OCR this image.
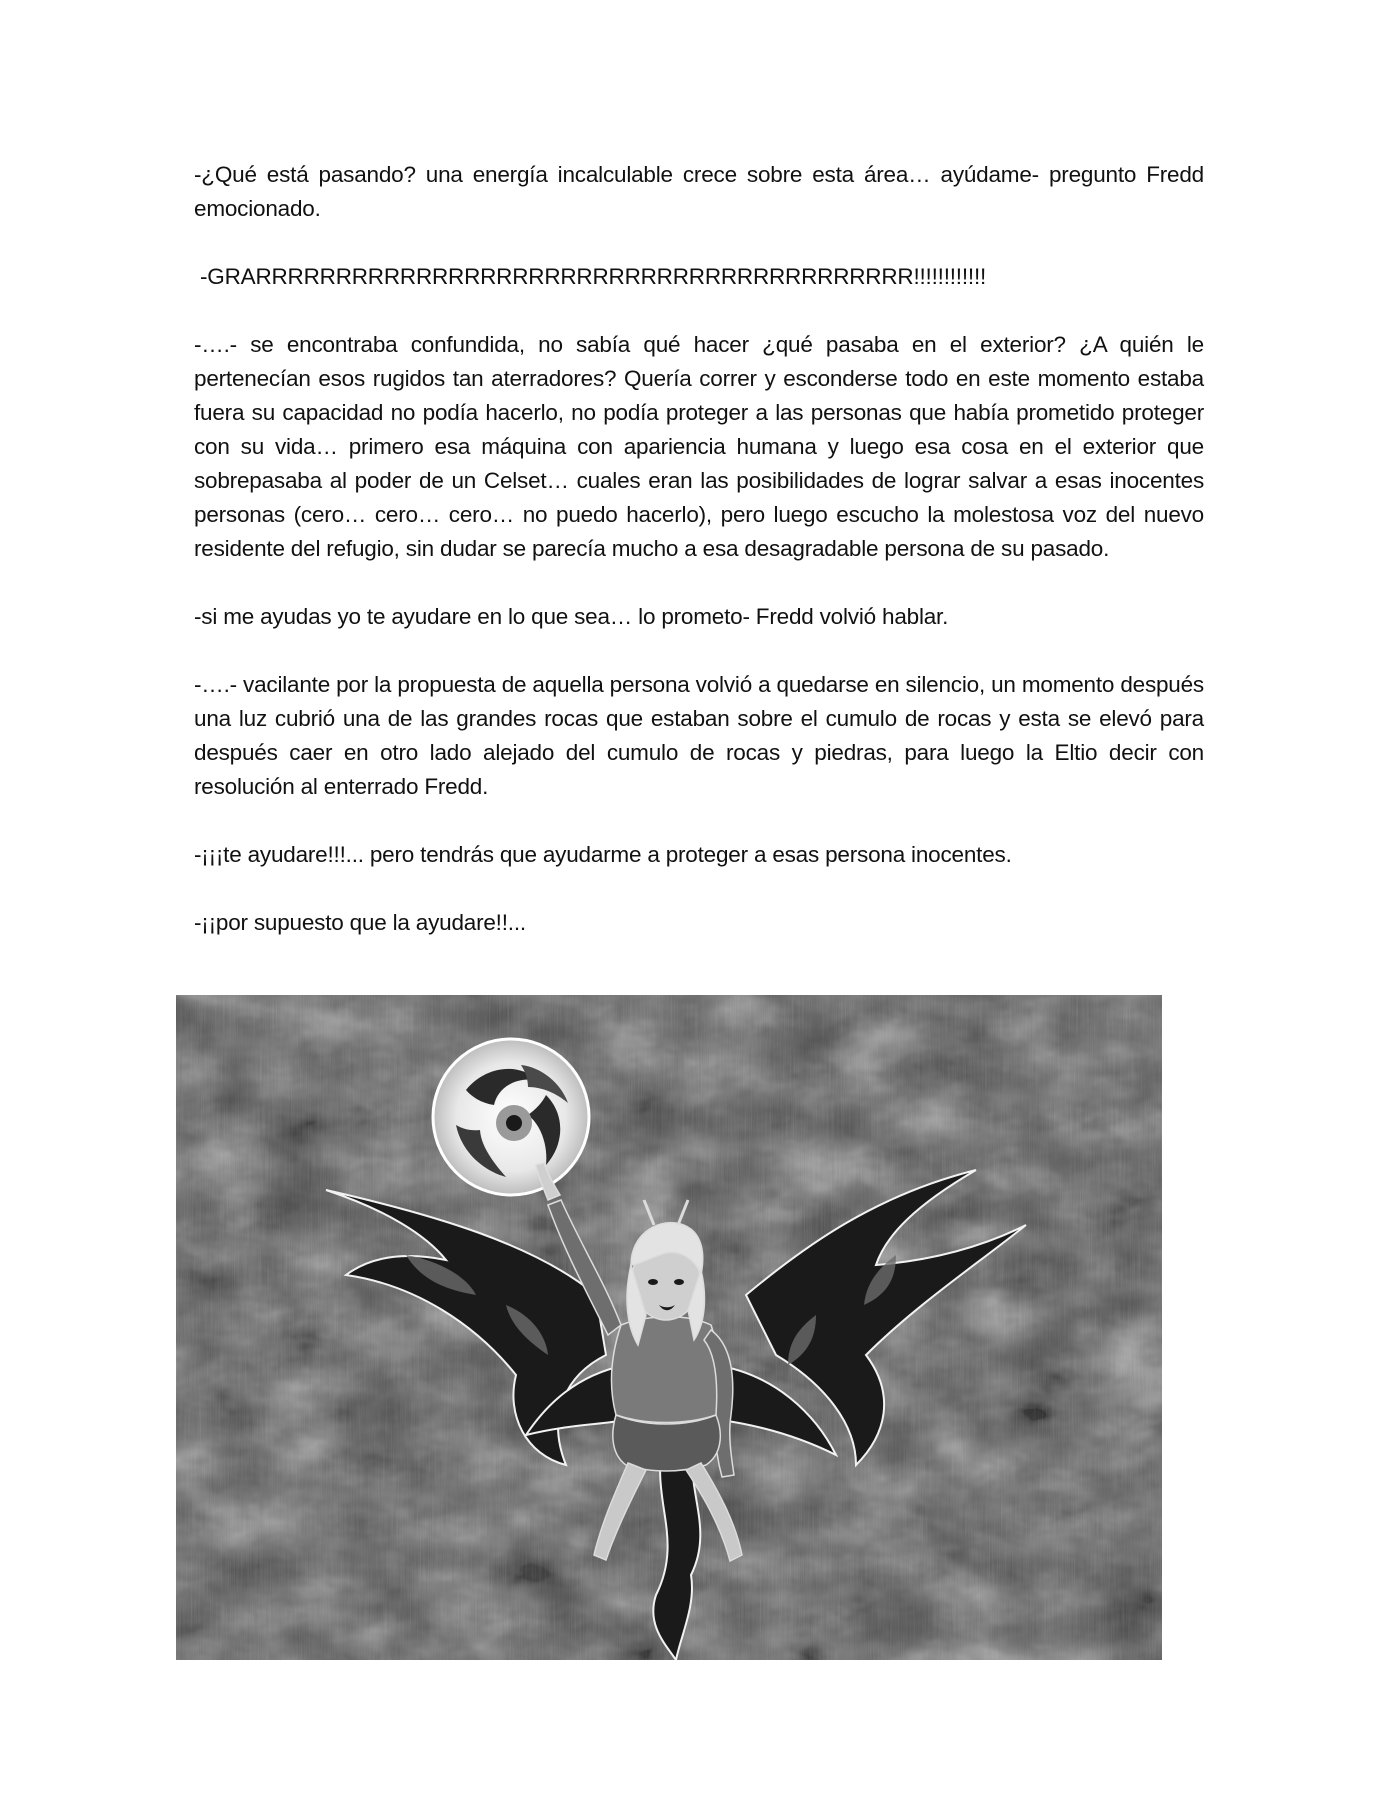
-¿Qué está pasando? una energía incalculable crece sobre esta área… ayúdame- pregunto Fredd emocionado.

-GRARRRRRRRRRRRRRRRRRRRRRRRRRRRRRRRRRRRRRRRRR!!!!!!!!!!!!

-….- se encontraba confundida, no sabía qué hacer ¿qué pasaba en el exterior? ¿A quién le pertenecían esos rugidos tan aterradores? Quería correr y esconderse todo en este momento estaba fuera su capacidad no podía hacerlo, no podía proteger a las personas que había prometido proteger con su vida… primero esa máquina con apariencia humana y luego esa cosa en el exterior que sobrepasaba al poder de un Celset… cuales eran las posibilidades de lograr salvar a esas inocentes personas (cero… cero… cero… no puedo hacerlo), pero luego escucho la molestosa voz del nuevo residente del refugio, sin dudar se parecía mucho a esa desagradable persona de su pasado.

-si me ayudas yo te ayudare en lo que sea… lo prometo- Fredd volvió hablar.

-….- vacilante por la propuesta de aquella persona volvió a quedarse en silencio, un momento después una luz cubrió una de las grandes rocas que estaban sobre el cumulo de rocas y esta se elevó para después caer en otro lado alejado del cumulo de rocas y piedras, para luego la Eltio decir con resolución al enterrado Fredd.

-¡¡¡te ayudare!!!... pero tendrás que ayudarme a proteger a esas persona inocentes.

-¡¡por supuesto que la ayudare!!...
